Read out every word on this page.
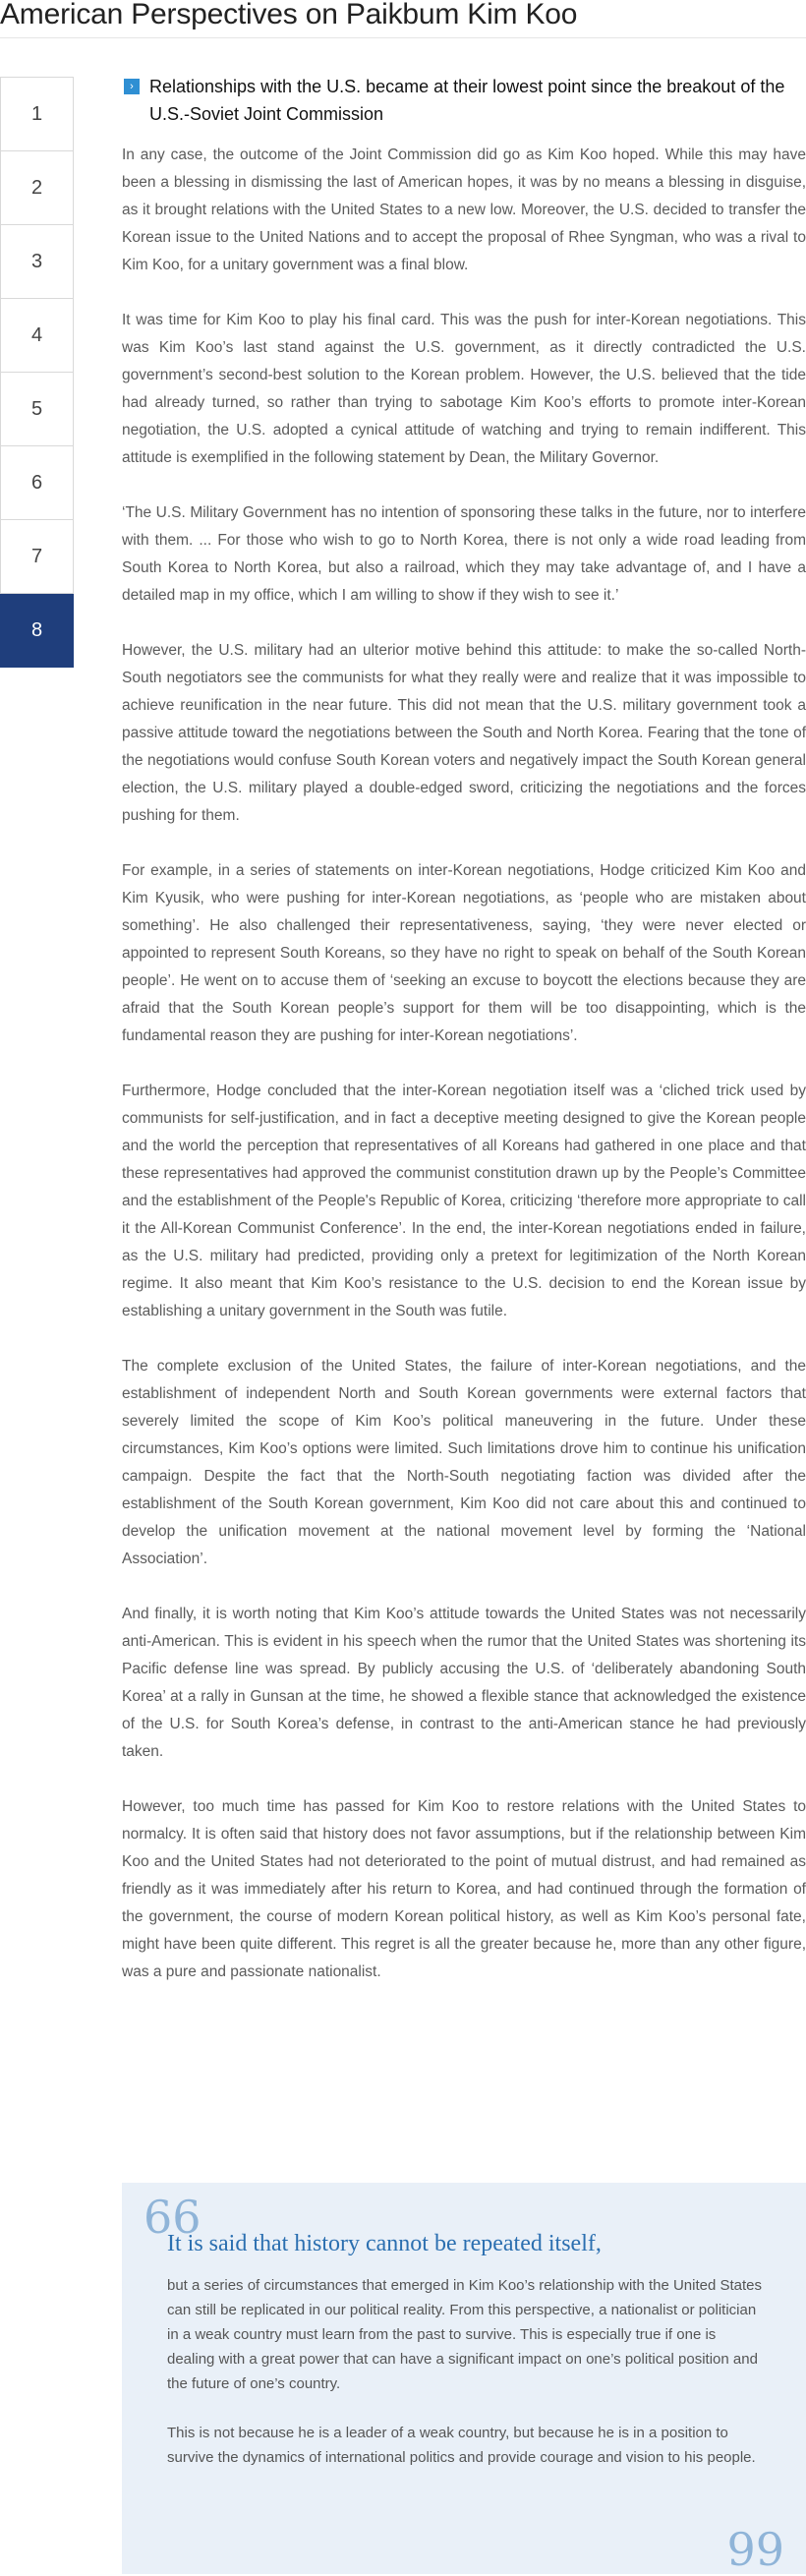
American Perspectives on Paikbum Kim Koo
1
2
3
4
5
6
7
8
› Relationships with the U.S. became at their lowest point since the breakout of the U.S.-Soviet Joint Commission

In any case, the outcome of the Joint Commission did go as Kim Koo hoped. While this may have been a blessing in dismissing the last of American hopes, it was by no means a blessing in disguise, as it brought relations with the United States to a new low. Moreover, the U.S. decided to transfer the Korean issue to the United Nations and to accept the proposal of Rhee Syngman, who was a rival to Kim Koo, for a unitary government was a final blow.

It was time for Kim Koo to play his final card. This was the push for inter-Korean negotiations. This was Kim Koo’s last stand against the U.S. government, as it directly contradicted the U.S. government’s second-best solution to the Korean problem. However, the U.S. believed that the tide had already turned, so rather than trying to sabotage Kim Koo’s efforts to promote inter-Korean negotiation, the U.S. adopted a cynical attitude of watching and trying to remain indifferent. This attitude is exemplified in the following statement by Dean, the Military Governor.

‘The U.S. Military Government has no intention of sponsoring these talks in the future, nor to interfere with them. ... For those who wish to go to North Korea, there is not only a wide road leading from South Korea to North Korea, but also a railroad, which they may take advantage of, and I have a detailed map in my office, which I am willing to show if they wish to see it.’

However, the U.S. military had an ulterior motive behind this attitude: to make the so-called North-South negotiators see the communists for what they really were and realize that it was impossible to achieve reunification in the near future. This did not mean that the U.S. military government took a passive attitude toward the negotiations between the South and North Korea. Fearing that the tone of the negotiations would confuse South Korean voters and negatively impact the South Korean general election, the U.S. military played a double-edged sword, criticizing the negotiations and the forces pushing for them.

For example, in a series of statements on inter-Korean negotiations, Hodge criticized Kim Koo and Kim Kyusik, who were pushing for inter-Korean negotiations, as ‘people who are mistaken about something’. He also challenged their representativeness, saying, ‘they were never elected or appointed to represent South Koreans, so they have no right to speak on behalf of the South Korean people’. He went on to accuse them of ‘seeking an excuse to boycott the elections because they are afraid that the South Korean people’s support for them will be too disappointing, which is the fundamental reason they are pushing for inter-Korean negotiations’.

Furthermore, Hodge concluded that the inter-Korean negotiation itself was a ‘cliched trick used by communists for self-justification, and in fact a deceptive meeting designed to give the Korean people and the world the perception that representatives of all Koreans had gathered in one place and that these representatives had approved the communist constitution drawn up by the People’s Committee and the establishment of the People's Republic of Korea, criticizing ‘therefore more appropriate to call it the All-Korean Communist Conference’. In the end, the inter-Korean negotiations ended in failure, as the U.S. military had predicted, providing only a pretext for legitimization of the North Korean regime. It also meant that Kim Koo’s resistance to the U.S. decision to end the Korean issue by establishing a unitary government in the South was futile.

The complete exclusion of the United States, the failure of inter-Korean negotiations, and the establishment of independent North and South Korean governments were external factors that severely limited the scope of Kim Koo’s political maneuvering in the future. Under these circumstances, Kim Koo’s options were limited. Such limitations drove him to continue his unification campaign. Despite the fact that the North-South negotiating faction was divided after the establishment of the South Korean government, Kim Koo did not care about this and continued to develop the unification movement at the national movement level by forming the ‘National Association’.

And finally, it is worth noting that Kim Koo’s attitude towards the United States was not necessarily anti-American. This is evident in his speech when the rumor that the United States was shortening its Pacific defense line was spread. By publicly accusing the U.S. of ‘deliberately abandoning South Korea’ at a rally in Gunsan at the time, he showed a flexible stance that acknowledged the existence of the U.S. for South Korea’s defense, in contrast to the anti-American stance he had previously taken.

However, too much time has passed for Kim Koo to restore relations with the United States to normalcy. It is often said that history does not favor assumptions, but if the relationship between Kim Koo and the United States had not deteriorated to the point of mutual distrust, and had remained as friendly as it was immediately after his return to Korea, and had continued through the formation of the government, the course of modern Korean political history, as well as Kim Koo’s personal fate, might have been quite different. This regret is all the greater because he, more than any other figure, was a pure and passionate nationalist.

66
It is said that history cannot be repeated itself,

but a series of circumstances that emerged in Kim Koo’s relationship with the United States can still be replicated in our political reality. From this perspective, a nationalist or politician in a weak country must learn from the past to survive. This is especially true if one is dealing with a great power that can have a significant impact on one’s political position and the future of one’s country.

This is not because he is a leader of a weak country, but because he is in a position to survive the dynamics of international politics and provide courage and vision to his people.

99
